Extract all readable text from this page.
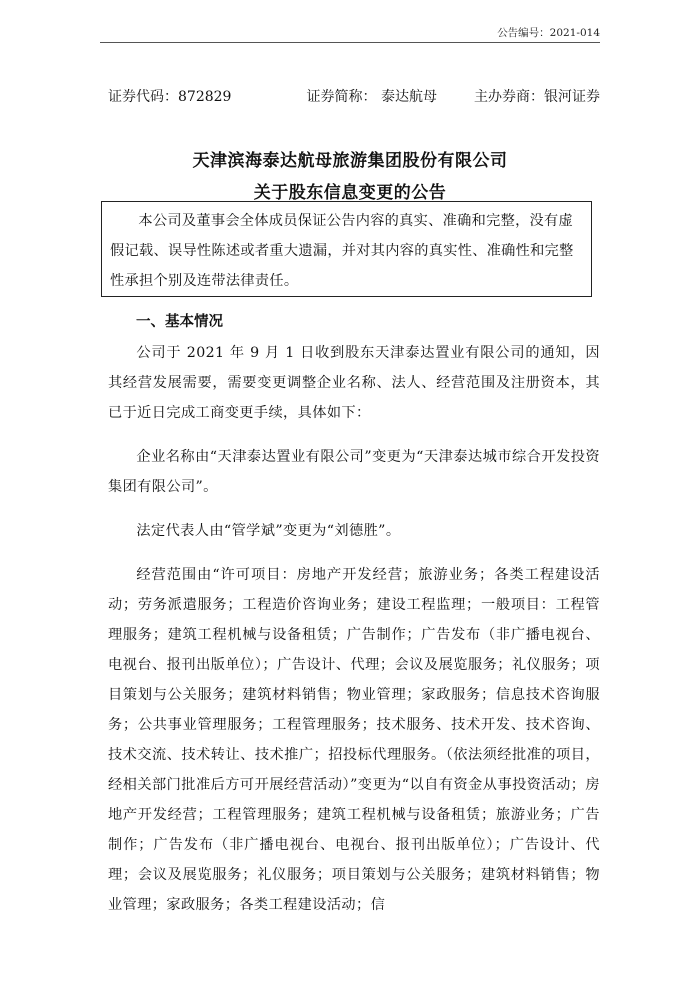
公告编号：2021-014
证券代码：872829	证券简称： 泰达航母	主办券商：银河证券
天津滨海泰达航母旅游集团股份有限公司
关于股东信息变更的公告

本公司及董事会全体成员保证公告内容的真实、准确和完整，没有虚假记载、误导性陈述或者重大遗漏，并对其内容的真实性、准确性和完整性承担个别及连带法律责任。

一、基本情况

公司于 2021 年 9 月 1 日收到股东天津泰达置业有限公司的通知，因其经营发展需要，需要变更调整企业名称、法人、经营范围及注册资本，其已于近日完成工商变更手续，具体如下：

企业名称由“天津泰达置业有限公司”变更为“天津泰达城市综合开发投资集团有限公司”。

法定代表人由“管学斌”变更为“刘德胜”。

经营范围由“许可项目：房地产开发经营；旅游业务；各类工程建设活动；劳务派遣服务；工程造价咨询业务；建设工程监理；一般项目：工程管理服务；建筑工程机械与设备租赁；广告制作；广告发布（非广播电视台、电视台、报刊出版单位）；广告设计、代理；会议及展览服务；礼仪服务；项目策划与公关服务；建筑材料销售；物业管理；家政服务；信息技术咨询服务；公共事业管理服务；工程管理服务；技术服务、技术开发、技术咨询、技术交流、技术转让、技术推广；招投标代理服务。（依法须经批准的项目，经相关部门批准后方可开展经营活动）”变更为“以自有资金从事投资活动；房地产开发经营；工程管理服务；建筑工程机械与设备租赁；旅游业务；广告制作；广告发布（非广播电视台、电视台、报刊出版单位）；广告设计、代理；会议及展览服务；礼仪服务；项目策划与公关服务；建筑材料销售；物业管理；家政服务；各类工程建设活动；信
